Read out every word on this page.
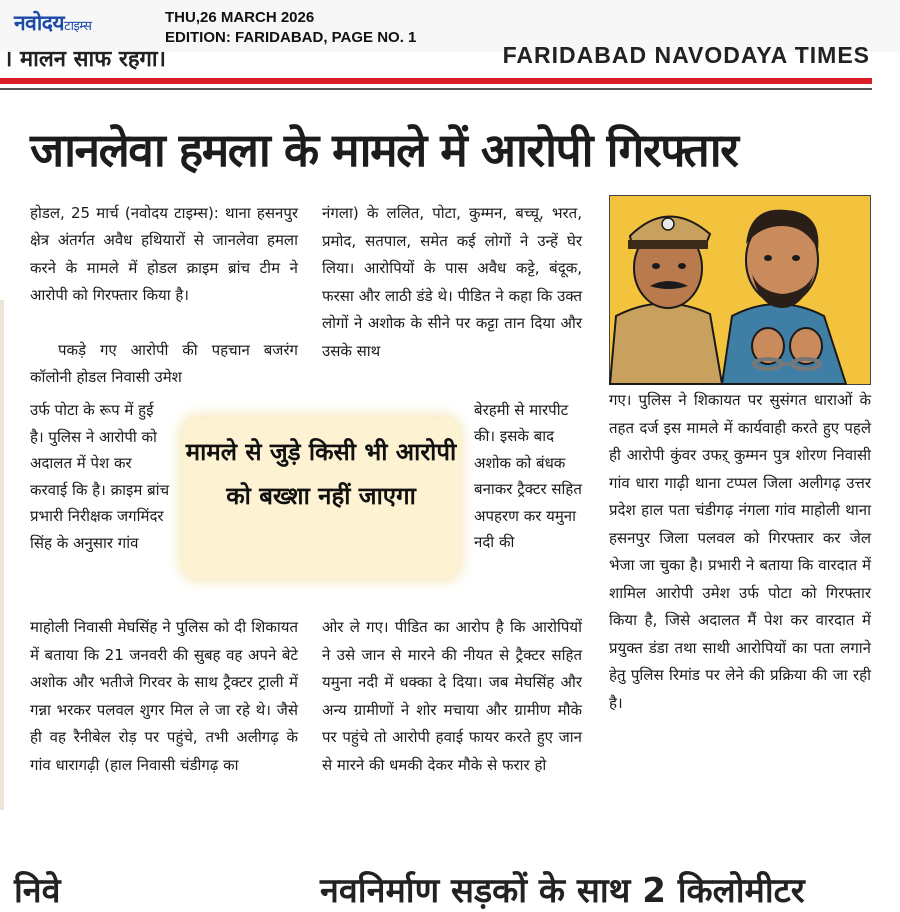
नवोदयटाइम्स
THU,26 MARCH 2026
EDITION: FARIDABAD, PAGE NO. 1
। मालन साफ रहगा।	FARIDABAD NAVODAYA TIMES
जानलेवा हमला के मामले में आरोपी गिरफ्तार

होडल, 25 मार्च (नवोदय टाइम्स): थाना हसनपुर क्षेत्र अंतर्गत अवैध हथियारों से जानलेवा हमला करने के मामले में होडल क्राइम ब्रांच टीम ने आरोपी को गिरफ्तार किया है।

पकड़े गए आरोपी की पहचान बजरंग कॉलोनी होडल निवासी उमेश

उर्फ पोटा के रूप में हुई है। पुलिस ने आरोपी को अदालत में पेश कर करवाई कि है। क्राइम ब्रांच प्रभारी निरीक्षक जगमिंदर सिंह के अनुसार गांव

माहोली निवासी मेघसिंह ने पुलिस को दी शिकायत में बताया कि 21 जनवरी की सुबह वह अपने बेटे अशोक और भतीजे गिरवर के साथ ट्रैक्टर ट्राली में गन्ना भरकर पलवल शुगर मिल ले जा रहे थे। जैसे ही वह रैनीबेल रोड़ पर पहुंचे, तभी अलीगढ़ के गांव धारागढ़ी (हाल निवासी चंडीगढ़ का

नंगला) के ललित, पोटा, कुम्मन, बच्चू, भरत, प्रमोद, सतपाल, समेत कई लोगों ने उन्हें घेर लिया। आरोपियों के पास अवैध कट्टे, बंदूक, फरसा और लाठी डंडे थे। पीडित ने कहा कि उक्त लोगों ने अशोक के सीने पर कट्टा तान दिया और उसके साथ

बेरहमी से मारपीट की। इसके बाद अशोक को बंधक बनाकर ट्रैक्टर सहित अपहरण कर यमुना नदी की

ओर ले गए। पीडित का आरोप है कि आरोपियों ने उसे जान से मारने की नीयत से ट्रैक्टर सहित यमुना नदी में धक्का दे दिया। जब मेघसिंह और अन्य ग्रामीणों ने शोर मचाया और ग्रामीण मौके पर पहुंचे तो आरोपी हवाई फायर करते हुए जान से मारने की धमकी देकर मौके से फरार हो

गए। पुलिस ने शिकायत पर सुसंगत धाराओं के तहत दर्ज इस मामले में कार्यवाही करते हुए पहले ही आरोपी कुंवर उफऱ् कुम्मन पुत्र शोरण निवासी गांव धारा गाढ़ी थाना टप्पल जिला अलीगढ़ उत्तर प्रदेश हाल पता चंडीगढ़ नंगला गांव माहोली थाना हसनपुर जिला पलवल को गिरफ्तार कर जेल भेजा जा चुका है। प्रभारी ने बताया कि वारदात में शामिल आरोपी उमेश उर्फ पोटा को गिरफ्तार किया है, जिसे अदालत मैं पेश कर वारदात में प्रयुक्त डंडा तथा साथी आरोपियों का पता लगाने हेतु पुलिस रिमांड पर लेने की प्रक्रिया की जा रही है।

मामले से जुड़े किसी भी आरोपी को बख्शा नहीं जाएगा
निवे	नवनिर्माण सड़कों के साथ 2 किलोमीटर
